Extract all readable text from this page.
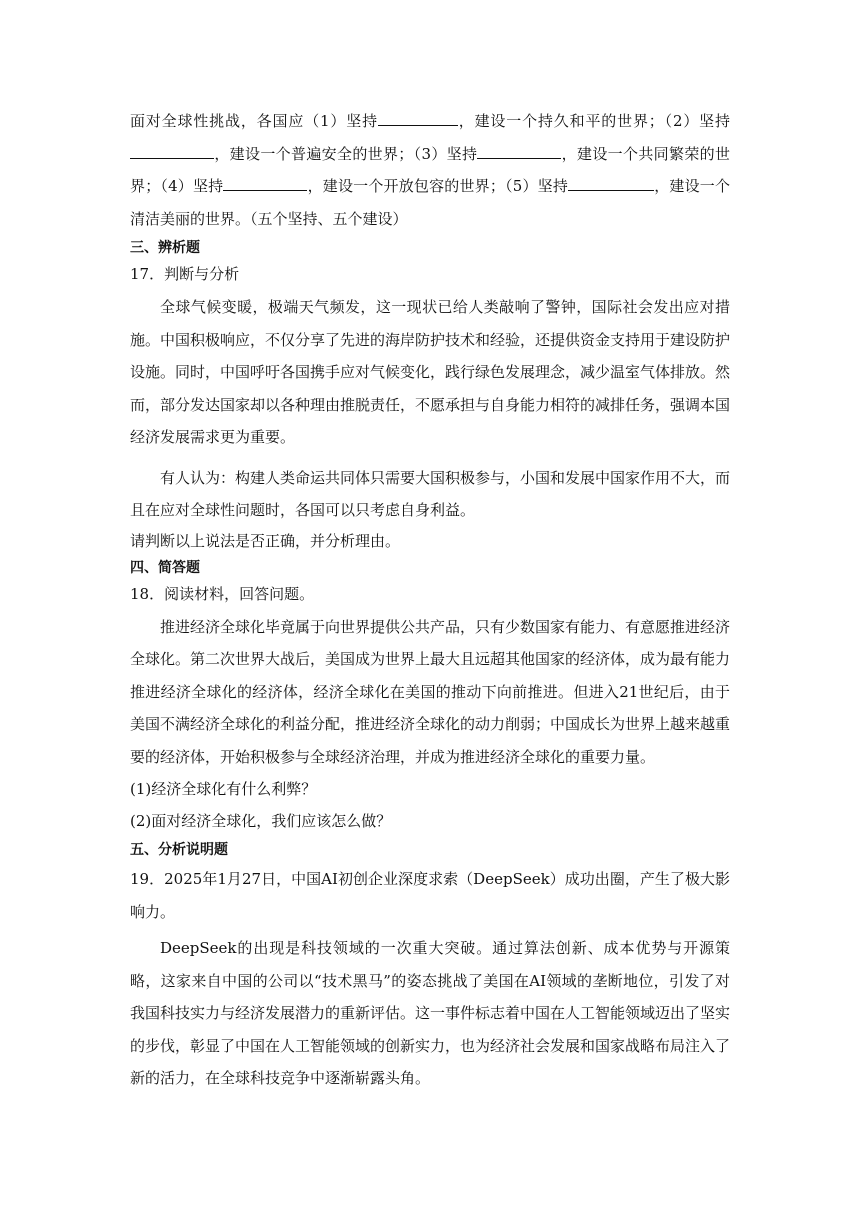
面对全球性挑战，各国应（1）坚持	，建设一个持久和平的世界；（2）坚持，建设一个普遍安全的世界；（3）坚持	，建设一个共同繁荣的世界；（4）坚持	，建设一个开放包容的世界；（5）坚持	，建设一个清洁美丽的世界。（五个坚持、五个建设）

三、辨析题
17．判断与分析

全球气候变暖，极端天气频发，这一现状已给人类敲响了警钟，国际社会发出应对措施。中国积极响应，不仅分享了先进的海岸防护技术和经验，还提供资金支持用于建设防护设施。同时，中国呼吁各国携手应对气候变化，践行绿色发展理念，减少温室气体排放。然而，部分发达国家却以各种理由推脱责任，不愿承担与自身能力相符的减排任务，强调本国经济发展需求更为重要。

有人认为：构建人类命运共同体只需要大国积极参与，小国和发展中国家作用不大，而且在应对全球性问题时，各国可以只考虑自身利益。

请判断以上说法是否正确，并分析理由。

四、简答题
18．阅读材料，回答问题。

推进经济全球化毕竟属于向世界提供公共产品，只有少数国家有能力、有意愿推进经济全球化。第二次世界大战后，美国成为世界上最大且远超其他国家的经济体，成为最有能力推进经济全球化的经济体，经济全球化在美国的推动下向前推进。但进入21世纪后，由于美国不满经济全球化的利益分配，推进经济全球化的动力削弱；中国成长为世界上越来越重要的经济体，开始积极参与全球经济治理，并成为推进经济全球化的重要力量。

(1)经济全球化有什么利弊？

(2)面对经济全球化，我们应该怎么做？

五、分析说明题

19．2025年1月27日，中国AI初创企业深度求索（DeepSeek）成功出圈，产生了极大影响力。

DeepSeek的出现是科技领域的一次重大突破。通过算法创新、成本优势与开源策略，这家来自中国的公司以“技术黑马”的姿态挑战了美国在AI领域的垄断地位，引发了对我国科技实力与经济发展潜力的重新评估。这一事件标志着中国在人工智能领域迈出了坚实的步伐，彰显了中国在人工智能领域的创新实力，也为经济社会发展和国家战略布局注入了新的活力，在全球科技竞争中逐渐崭露头角。
